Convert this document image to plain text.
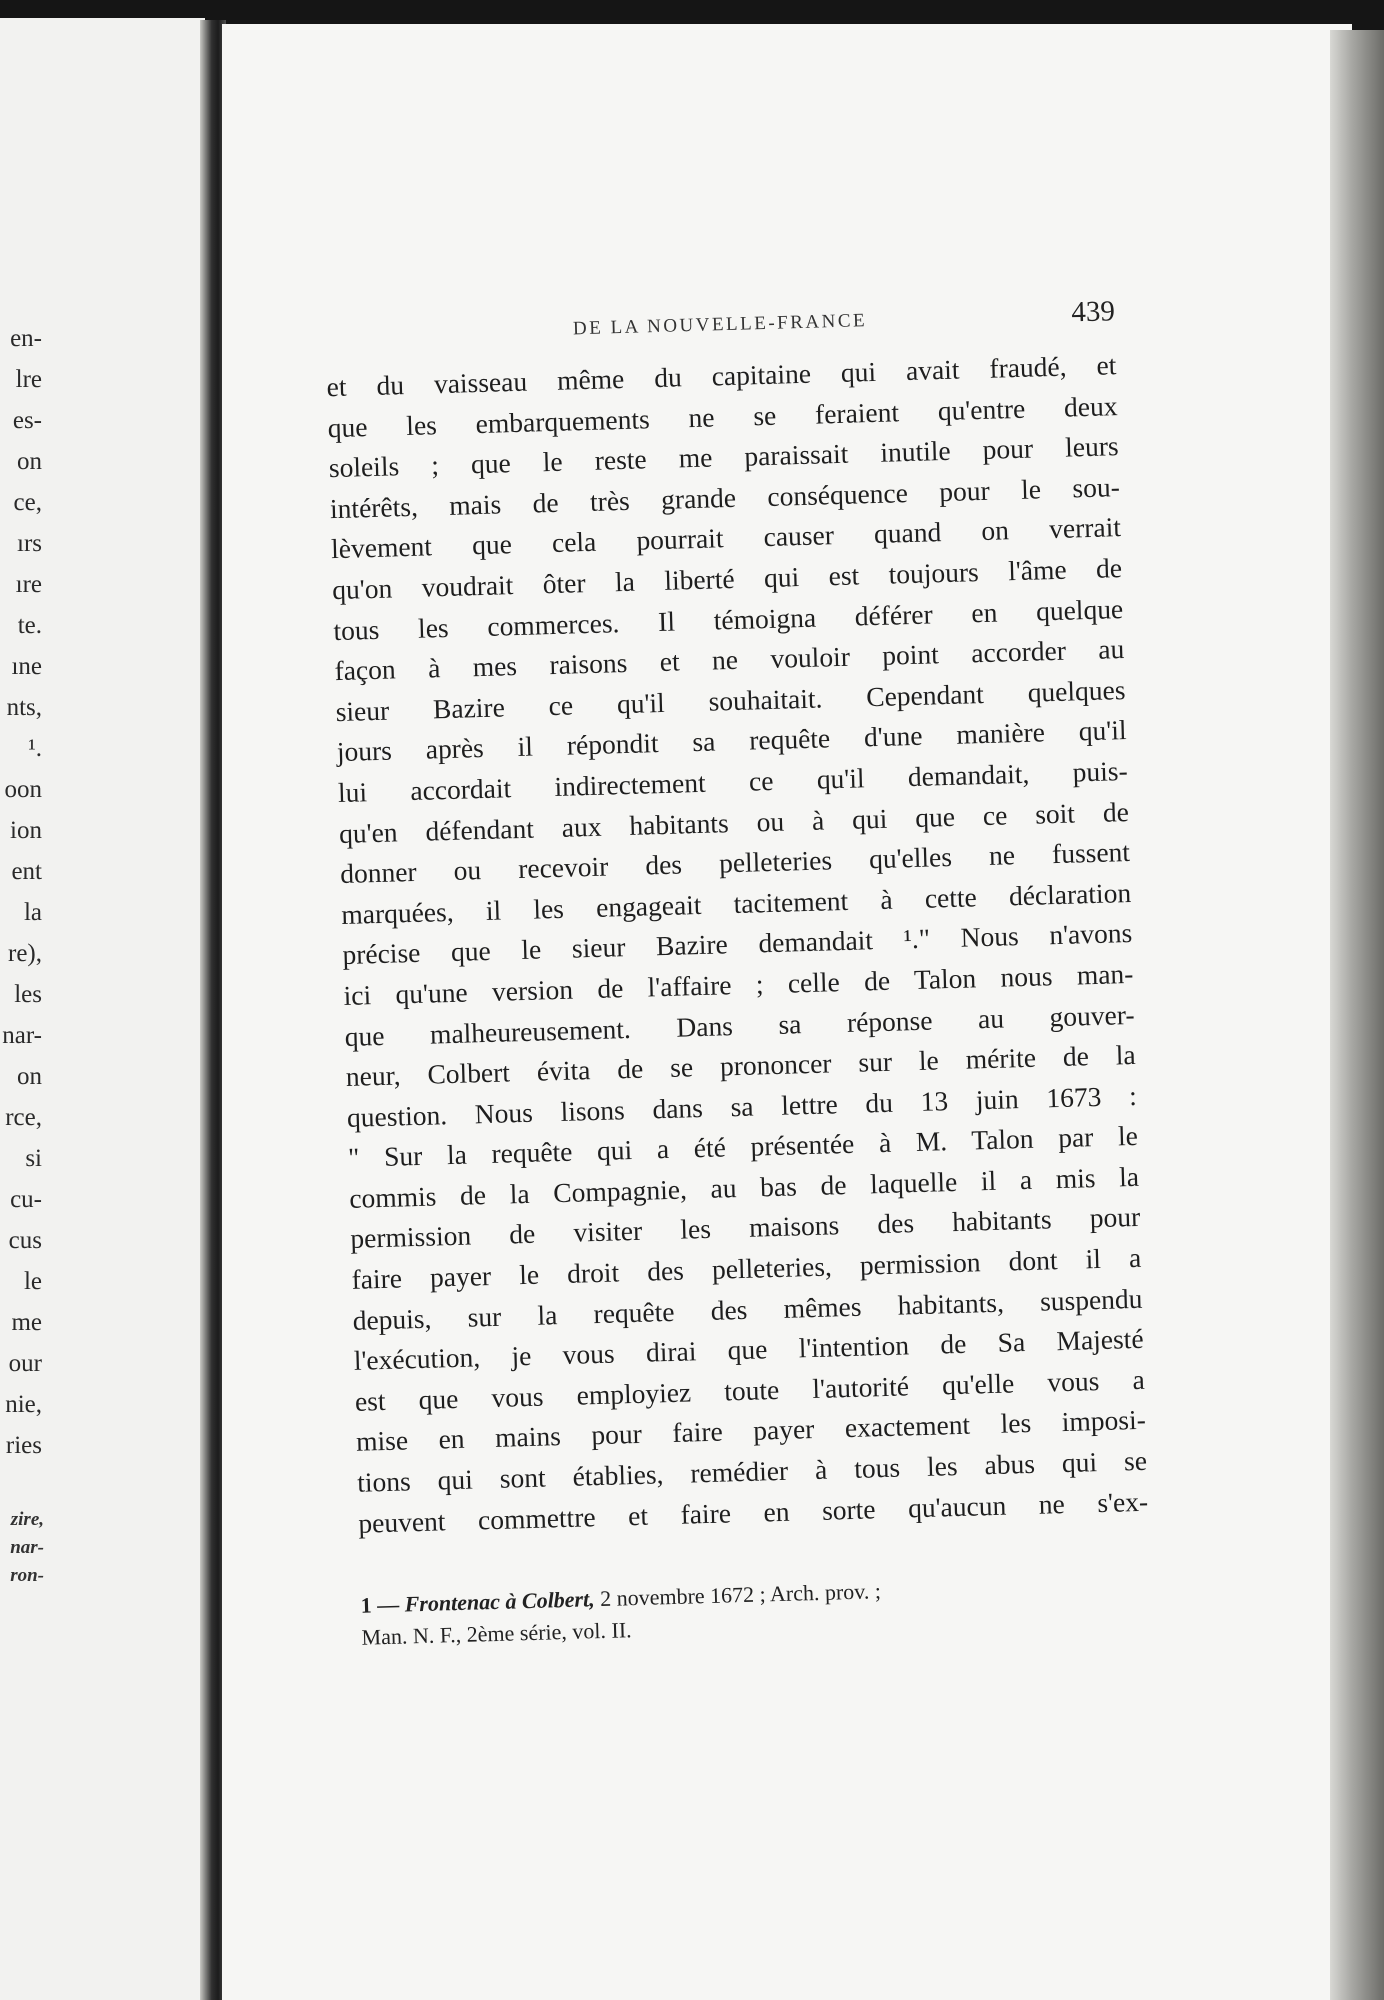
en-
lre
es-
on
ce,
ırs
ıre
te.
ıne
nts,
¹.
oon
ion
ent
la
re),
les
nar-
on
rce,
si
cu-
cus
le
me
our
nie,
ries
zire,
nar-
ron-
DE LA NOUVELLE-FRANCE	439
et du vaisseau même du capitaine qui avait fraudé, et
que les embarquements ne se feraient qu'entre deux
soleils ; que le reste me paraissait inutile pour leurs
intérêts, mais de très grande conséquence pour le sou-
lèvement que cela pourrait causer quand on verrait
qu'on voudrait ôter la liberté qui est toujours l'âme de
tous les commerces. Il témoigna déférer en quelque
façon à mes raisons et ne vouloir point accorder au
sieur Bazire ce qu'il souhaitait. Cependant quelques
jours après il répondit sa requête d'une manière qu'il
lui accordait indirectement ce qu'il demandait, puis-
qu'en défendant aux habitants ou à qui que ce soit de
donner ou recevoir des pelleteries qu'elles ne fussent
marquées, il les engageait tacitement à cette déclaration
précise que le sieur Bazire demandait ¹." Nous n'avons
ici qu'une version de l'affaire ; celle de Talon nous man-
que malheureusement. Dans sa réponse au gouver-
neur, Colbert évita de se prononcer sur le mérite de la
question. Nous lisons dans sa lettre du 13 juin 1673 :
" Sur la requête qui a été présentée à M. Talon par le
commis de la Compagnie, au bas de laquelle il a mis la
permission de visiter les maisons des habitants pour
faire payer le droit des pelleteries, permission dont il a
depuis, sur la requête des mêmes habitants, suspendu
l'exécution, je vous dirai que l'intention de Sa Majesté
est que vous employiez toute l'autorité qu'elle vous a
mise en mains pour faire payer exactement les imposi-
tions qui sont établies, remédier à tous les abus qui se
peuvent commettre et faire en sorte qu'aucun ne s'ex-
1 — Frontenac à Colbert, 2 novembre 1672 ; Arch. prov. ;
Man. N. F., 2ème série, vol. II.
